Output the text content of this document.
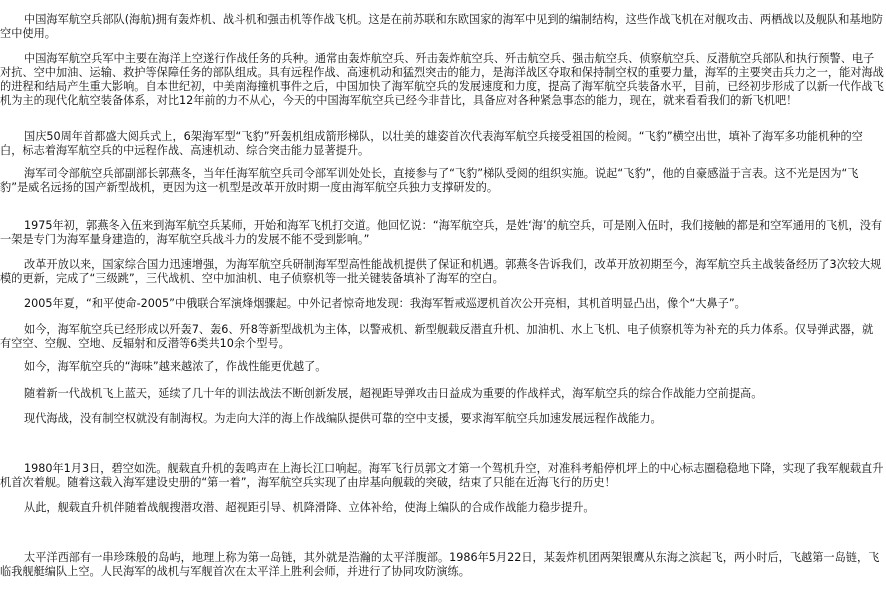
中国海军航空兵部队(海航)拥有轰炸机、战斗机和强击机等作战飞机。这是在前苏联和东欧国家的海军中见到的编制结构，这些作战飞机在对舰攻击、两栖战以及舰队和基地防空中使用。

中国海军航空兵军中主要在海洋上空遂行作战任务的兵种。通常由轰炸航空兵、歼击轰炸航空兵、歼击航空兵、强击航空兵、侦察航空兵、反潜航空兵部队和执行预警、电子对抗、空中加油、运输、救护等保障任务的部队组成。具有远程作战、高速机动和猛烈突击的能力，是海洋战区夺取和保持制空权的重要力量，海军的主要突击兵力之一，能对海战的进程和结局产生重大影响。自本世纪初，中美南海撞机事件之后，中国加快了海军航空兵的发展速度和力度，提高了海军航空兵装备水平，目前，已经初步形成了以新一代作战飞机为主的现代化航空装备体系，对比12年前的力不从心，今天的中国海军航空兵已经今非昔比，具备应对各种紧急事态的能力，现在，就来看看我们的新飞机吧！

国庆50周年首都盛大阅兵式上，6架海军型“飞豹”歼轰机组成箭形梯队，以壮美的雄姿首次代表海军航空兵接受祖国的检阅。“飞豹”横空出世，填补了海军多功能机种的空白，标志着海军航空兵的中远程作战、高速机动、综合突击能力显著提升。

海军司令部航空兵部副部长郭燕冬，当年任海军航空兵司令部军训处处长，直接参与了“飞豹”梯队受阅的组织实施。说起“飞豹”，他的自豪感溢于言表。这不光是因为“飞豹”是威名远扬的国产新型战机，更因为这一机型是改革开放时期一度由海军航空兵独力支撑研发的。

1975年初，郭燕冬入伍来到海军航空兵某师，开始和海军飞机打交道。他回忆说：“海军航空兵，是姓‘海’的航空兵，可是刚入伍时，我们接触的都是和空军通用的飞机，没有一架是专门为海军量身建造的，海军航空兵战斗力的发展不能不受到影响。”

改革开放以来，国家综合国力迅速增强，为海军航空兵研制海军型高性能战机提供了保证和机遇。郭燕冬告诉我们，改革开放初期至今，海军航空兵主战装备经历了3次较大规模的更新，完成了“三级跳”，三代战机、空中加油机、电子侦察机等一批关键装备填补了海军的空白。

2005年夏，“和平使命-2005”中俄联合军演烽烟骤起。中外记者惊奇地发现：我海军暂戒巡逻机首次公开亮相，其机首明显凸出，像个“大鼻子”。

如今，海军航空兵已经形成以歼轰7、轰6、歼8等新型战机为主体，以警戒机、新型舰载反潜直升机、加油机、水上飞机、电子侦察机等为补充的兵力体系。仅导弹武器，就有空空、空舰、空地、反辐射和反潜等6类共10余个型号。

如今，海军航空兵的“海味”越来越浓了，作战性能更优越了。

随着新一代战机飞上蓝天，延续了几十年的训法战法不断创新发展，超视距导弹攻击日益成为重要的作战样式，海军航空兵的综合作战能力空前提高。

现代海战，没有制空权就没有制海权。为走向大洋的海上作战编队提供可靠的空中支援，要求海军航空兵加速发展远程作战能力。

1980年1月3日，碧空如洗。舰载直升机的轰鸣声在上海长江口响起。海军飞行员郭文才第一个驾机升空，对准科考船停机坪上的中心标志圈稳稳地下降，实现了我军舰载直升机首次着舰。随着这载入海军建设史册的“第一着”，海军航空兵实现了由岸基向舰载的突破，结束了只能在近海飞行的历史！

从此，舰载直升机伴随着战舰搜潜攻潜、超视距引导、机降滑降、立体补给，使海上编队的合成作战能力稳步提升。

太平洋西部有一串珍珠般的岛屿，地理上称为第一岛链，其外就是浩瀚的太平洋腹部。1986年5月22日，某轰炸机团两架银鹰从东海之滨起飞，两小时后，飞越第一岛链，飞临我舰艇编队上空。人民海军的战机与军舰首次在太平洋上胜利会师，并进行了协同攻防演练。
